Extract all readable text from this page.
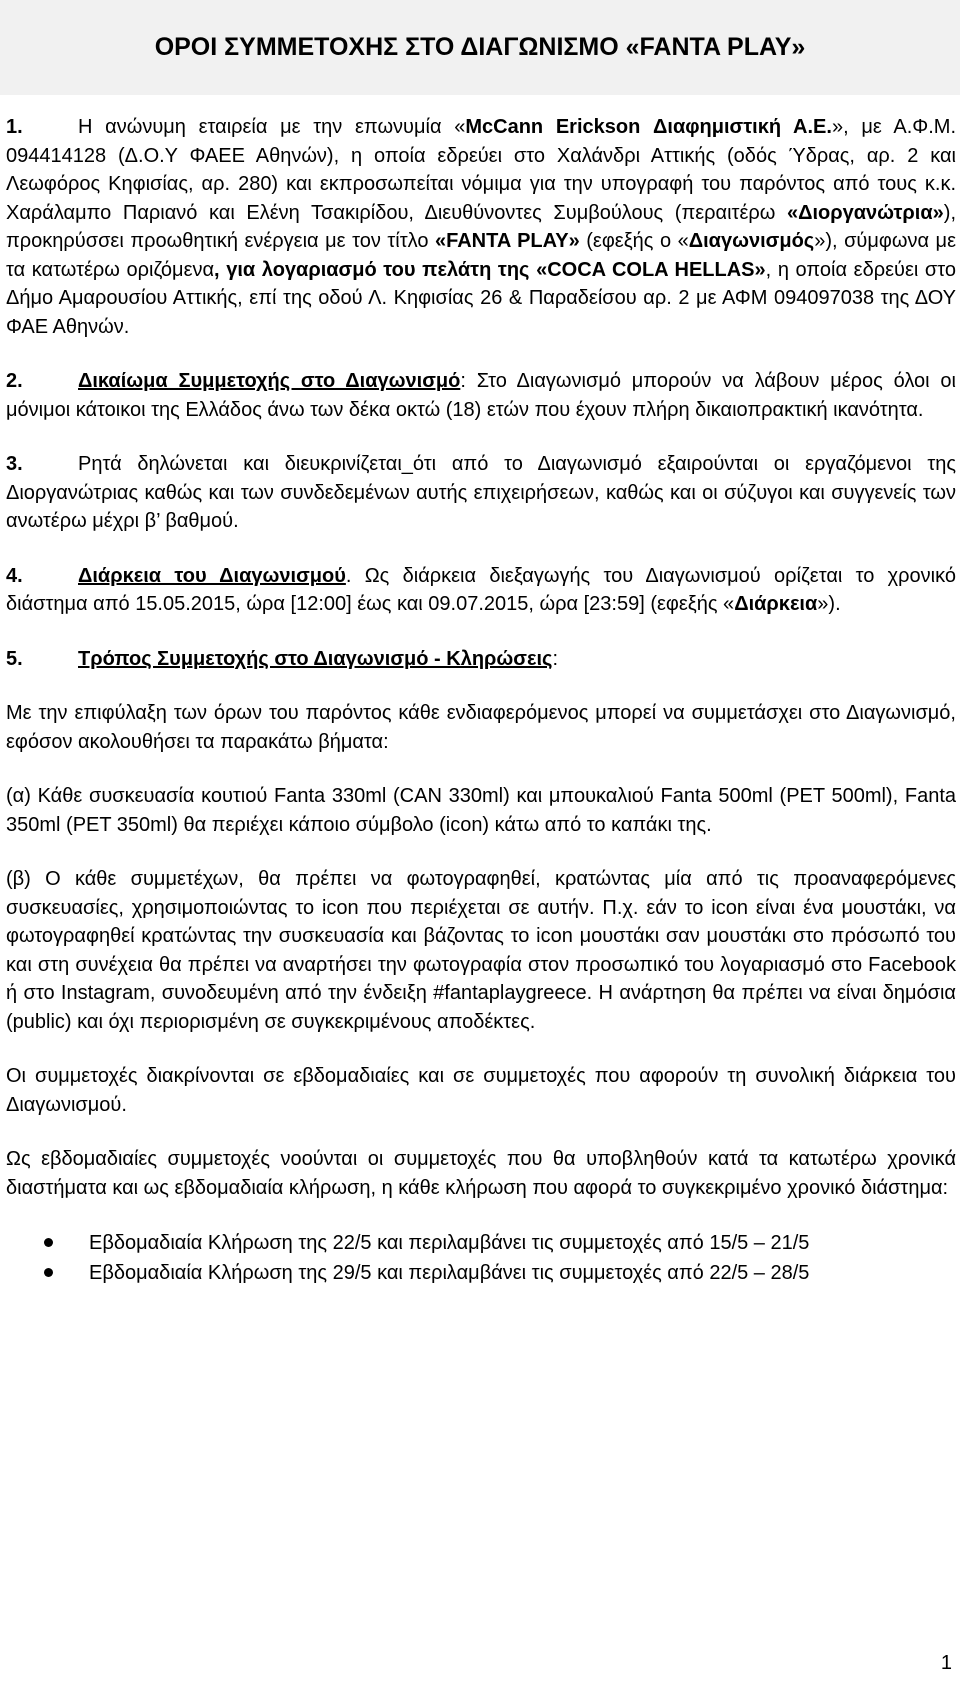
ΟΡΟΙ ΣΥΜΜΕΤΟΧΗΣ ΣΤΟ ΔΙΑΓΩΝΙΣΜΟ «FANTA PLAY»

1.	Η ανώνυμη εταιρεία με την επωνυμία «McCann Erickson Διαφημιστική Α.Ε.», με Α.Φ.Μ. 094414128 (Δ.Ο.Υ ΦΑΕΕ Αθηνών), η οποία εδρεύει στο Χαλάνδρι Αττικής (οδός Ύδρας, αρ. 2 και Λεωφόρος Κηφισίας, αρ. 280) και εκπροσωπείται νόμιμα για την υπογραφή του παρόντος από τους κ.κ. Χαράλαμπο Παριανό και Ελένη Τσακιρίδου, Διευθύνοντες Συμβούλους (περαιτέρω «Διοργανώτρια»), προκηρύσσει προωθητική ενέργεια με τον τίτλο «FANTA PLAY» (εφεξής ο «Διαγωνισμός»), σύμφωνα με τα κατωτέρω οριζόμενα, για λογαριασμό του πελάτη της «COCA COLA HELLAS», η οποία εδρεύει στο Δήμο Αμαρουσίου Αττικής, επί της οδού Λ. Κηφισίας 26 & Παραδείσου αρ. 2 με ΑΦΜ 094097038 της ΔΟΥ ΦΑΕ Αθηνών.

2.	Δικαίωμα Συμμετοχής στο Διαγωνισμό: Στο Διαγωνισμό μπορούν να λάβουν μέρος όλοι οι μόνιμοι κάτοικοι της Ελλάδος άνω των δέκα οκτώ (18) ετών που έχουν πλήρη δικαιοπρακτική ικανότητα.

3.	Ρητά δηλώνεται και διευκρινίζεται_ότι από το Διαγωνισμό εξαιρούνται οι εργαζόμενοι της Διοργανώτριας καθώς και των συνδεδεμένων αυτής επιχειρήσεων, καθώς και οι σύζυγοι και συγγενείς των ανωτέρω μέχρι β’ βαθμού.

4.	Διάρκεια του Διαγωνισμού. Ως διάρκεια διεξαγωγής του Διαγωνισμού ορίζεται το χρονικό διάστημα από 15.05.2015, ώρα [12:00] έως και 09.07.2015, ώρα [23:59] (εφεξής «Διάρκεια»).

5.	Τρόπος Συμμετοχής στο Διαγωνισμό - Κληρώσεις:

Με την επιφύλαξη των όρων του παρόντος κάθε ενδιαφερόμενος μπορεί να συμμετάσχει στο Διαγωνισμό, εφόσον ακολουθήσει τα παρακάτω βήματα:

(α) Κάθε συσκευασία κουτιού Fanta 330ml (CAN 330ml) και μπουκαλιού Fanta 500ml (PET 500ml), Fanta 350ml (PET 350ml) θα περιέχει κάποιο σύμβολο (icon) κάτω από το καπάκι της.

(β) Ο κάθε συμμετέχων, θα πρέπει να φωτογραφηθεί, κρατώντας μία από τις προαναφερόμενες συσκευασίες, χρησιμοποιώντας το icon που περιέχεται σε αυτήν. Π.χ. εάν το icon είναι ένα μουστάκι, να φωτογραφηθεί κρατώντας την συσκευασία και βάζοντας το icon μουστάκι σαν μουστάκι στο πρόσωπό του και στη συνέχεια θα πρέπει να αναρτήσει την φωτογραφία στον προσωπικό του λογαριασμό στο Facebook ή στο Instagram, συνοδευμένη από την ένδειξη #fantaplaygreece. Η ανάρτηση θα πρέπει να είναι δημόσια (public) και όχι περιορισμένη σε συγκεκριμένους αποδέκτες.

Οι συμμετοχές διακρίνονται σε εβδομαδιαίες και σε συμμετοχές που αφορούν τη συνολική διάρκεια του Διαγωνισμού.

Ως εβδομαδιαίες συμμετοχές νοούνται οι συμμετοχές που θα υποβληθούν κατά τα κατωτέρω χρονικά διαστήματα και ως εβδομαδιαία κλήρωση, η κάθε κλήρωση που αφορά το συγκεκριμένο χρονικό διάστημα:

Εβδομαδιαία Κλήρωση της 22/5 και περιλαμβάνει τις συμμετοχές από 15/5 – 21/5
Εβδομαδιαία Κλήρωση της 29/5 και περιλαμβάνει τις συμμετοχές από 22/5 – 28/5
1
